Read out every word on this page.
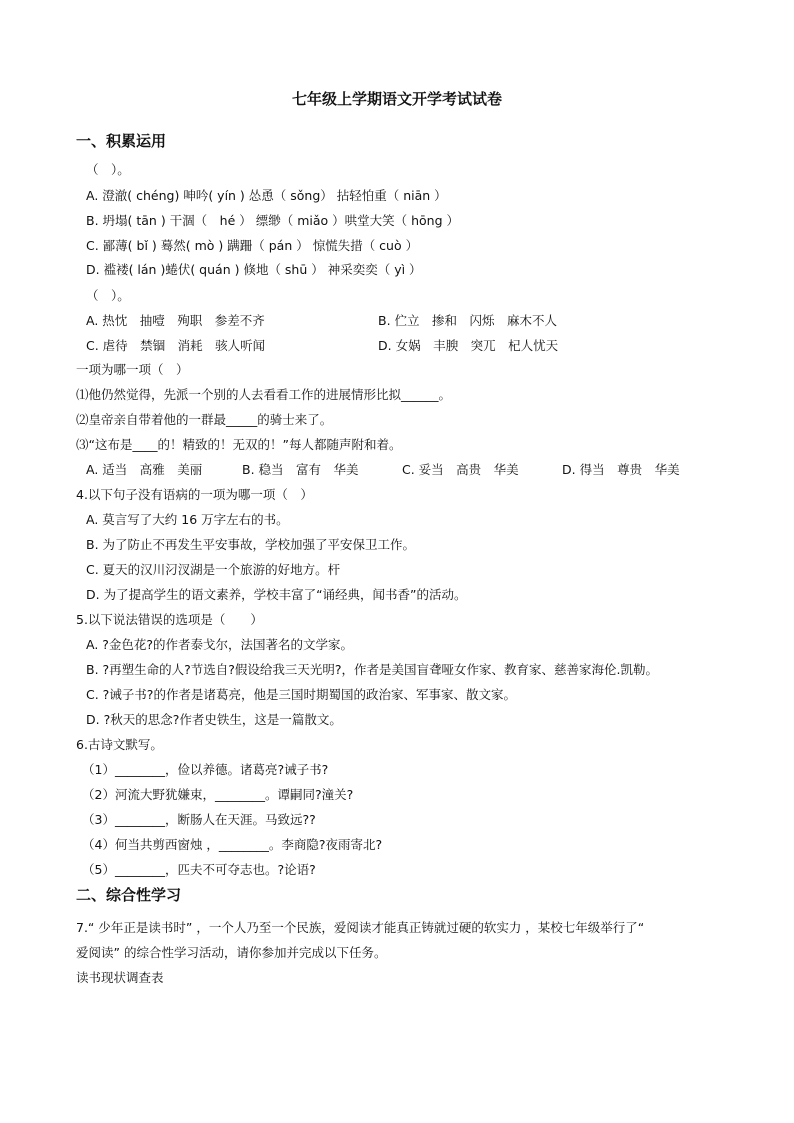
七年级上学期语文开学考试试卷
一、积累运用
（　）。
A. 澄澈( chéng) 呻吟( yín ) 怂恿（ sǒng） 拈轻怕重（ niān ）
B. 坍塌( tān ) 干涸（　hé ） 缥缈（ miǎo ）哄堂大笑（ hōng ）
C. 鄙薄( bǐ ) 蓦然( mò ) 蹒跚（ pán ） 惊慌失措（ cuò ）
D. 褴褛( lán )蜷伏( quán ) 倏地（ shū ） 神采奕奕（ yì ）
（　）。
A. 热忱　抽噎　殉职　参差不齐	B. 伫立　掺和　闪烁　麻木不人
C. 虐待　禁锢　消耗　骇人听闻	D. 女娲　丰腴　突兀　杞人忧天
一项为哪一项（　）
⑴他仍然觉得，先派一个别的人去看看工作的进展情形比拟______。
⑵皇帝亲自带着他的一群最_____的骑士来了。
⑶“这布是____的！精致的！无双的！”每人都随声附和着。
A. 适当　高雅　美丽	B. 稳当　富有　华美	C. 妥当　高贵　华美	D. 得当　尊贵　华美
4.以下句子没有语病的一项为哪一项（　）
A. 莫言写了大约 16 万字左右的书。
B. 为了防止不再发生平安事故，学校加强了平安保卫工作。
C. 夏天的汉川汈汊湖是一个旅游的好地方。杆
D. 为了提高学生的语文素养，学校丰富了“诵经典，闻书香”的活动。
5.以下说法错误的选项是（　　）
A. ?金色花?的作者泰戈尔，法国著名的文学家。
B. ?再塑生命的人?节选自?假设给我三天光明?，作者是美国盲聋哑女作家、教育家、慈善家海伦.凯勒。
C. ?诫子书?的作者是诸葛亮，他是三国时期蜀国的政治家、军事家、散文家。
D. ?秋天的思念?作者史铁生，这是一篇散文。
6.古诗文默写。
（1）________，俭以养德。诸葛亮?诫子书?
（2）河流大野犹嫌束，________。谭嗣同?潼关?
（3）________，断肠人在天涯。马致远??
（4）何当共剪西窗烛 ，________。李商隐?夜雨寄北?
（5）________，匹夫不可夺志也。?论语?
二、综合性学习
7.“ 少年正是读书时” ，一个人乃至一个民族，爱阅读才能真正铸就过硬的软实力 ，某校七年级举行了“
爱阅读” 的综合性学习活动，请你参加并完成以下任务。
读书现状调查表
